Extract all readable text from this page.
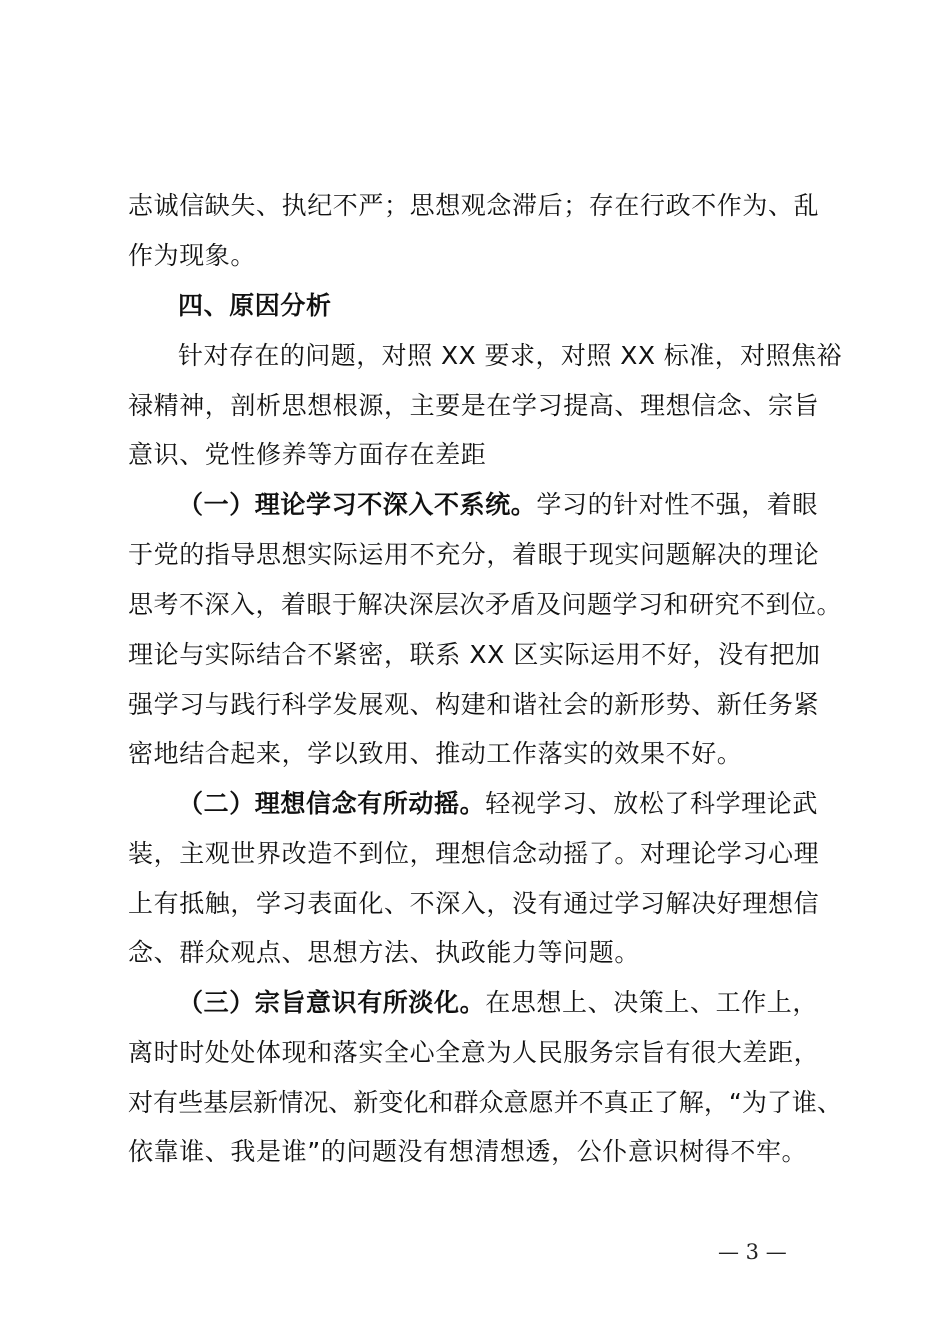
志诚信缺失、执纪不严；思想观念滞后；存在行政不作为、乱
作为现象。
四、原因分析
针对存在的问题，对照 XX 要求，对照 XX 标准，对照焦裕
禄精神，剖析思想根源，主要是在学习提高、理想信念、宗旨
意识、党性修养等方面存在差距
（一）理论学习不深入不系统。学习的针对性不强，着眼
于党的指导思想实际运用不充分，着眼于现实问题解决的理论
思考不深入，着眼于解决深层次矛盾及问题学习和研究不到位。
理论与实际结合不紧密，联系 XX 区实际运用不好，没有把加
强学习与践行科学发展观、构建和谐社会的新形势、新任务紧
密地结合起来，学以致用、推动工作落实的效果不好。
（二）理想信念有所动摇。轻视学习、放松了科学理论武
装，主观世界改造不到位，理想信念动摇了。对理论学习心理
上有抵触，学习表面化、不深入，没有通过学习解决好理想信
念、群众观点、思想方法、执政能力等问题。
（三）宗旨意识有所淡化。在思想上、决策上、工作上，
离时时处处体现和落实全心全意为人民服务宗旨有很大差距，
对有些基层新情况、新变化和群众意愿并不真正了解，“为了谁、
依靠谁、我是谁”的问题没有想清想透，公仆意识树得不牢。
— 3 —
